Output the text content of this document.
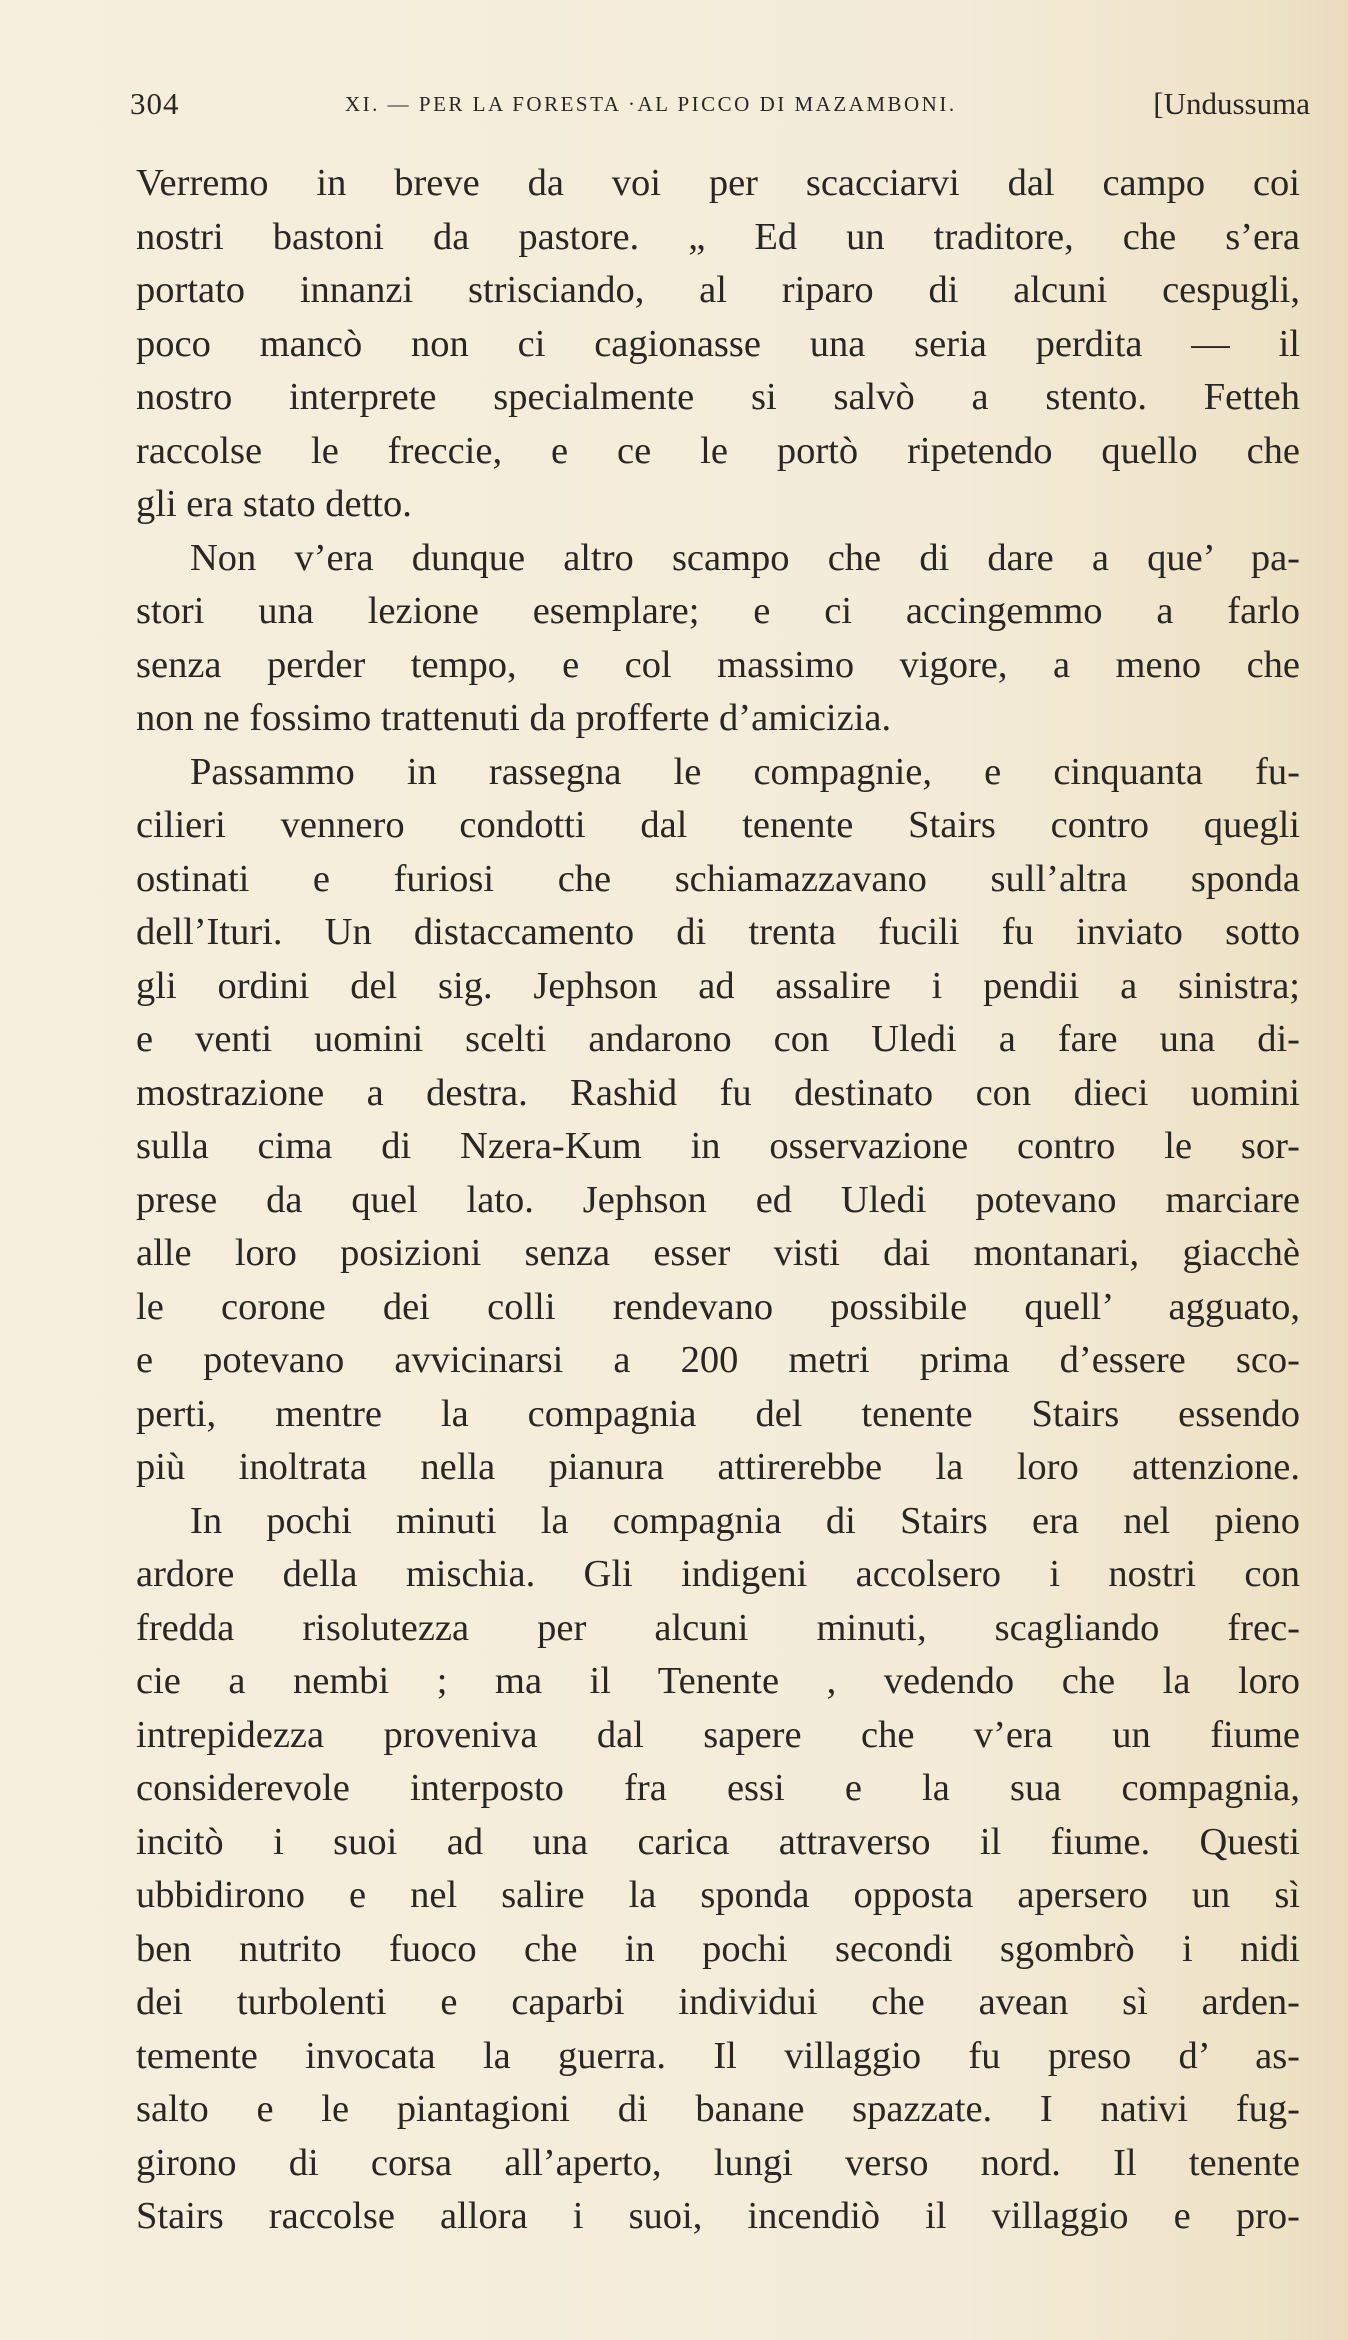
304	XI. — PER LA FORESTA ·AL PICCO DI MAZAMBONI.	[Undussuma
Verremo in breve da voi per scacciarvi dal campo coi
nostri bastoni da pastore. „ Ed un traditore, che s’era
portato innanzi strisciando, al riparo di alcuni cespugli,
poco mancò non ci cagionasse una seria perdita — il
nostro interprete specialmente si salvò a stento. Fetteh
raccolse le freccie, e ce le portò ripetendo quello che
gli era stato detto.
Non v’era dunque altro scampo che di dare a que’ pa-
stori una lezione esemplare; e ci accingemmo a farlo
senza perder tempo, e col massimo vigore, a meno che
non ne fossimo trattenuti da profferte d’amicizia.
Passammo in rassegna le compagnie, e cinquanta fu-
cilieri vennero condotti dal tenente Stairs contro quegli
ostinati e furiosi che schiamazzavano sull’altra sponda
dell’Ituri. Un distaccamento di trenta fucili fu inviato sotto
gli ordini del sig. Jephson ad assalire i pendii a sinistra;
e venti uomini scelti andarono con Uledi a fare una di-
mostrazione a destra. Rashid fu destinato con dieci uomini
sulla cima di Nzera-Kum in osservazione contro le sor-
prese da quel lato. Jephson ed Uledi potevano marciare
alle loro posizioni senza esser visti dai montanari, giacchè
le corone dei colli rendevano possibile quell’ agguato,
e potevano avvicinarsi a 200 metri prima d’essere sco-
perti, mentre la compagnia del tenente Stairs essendo
più inoltrata nella pianura attirerebbe la loro attenzione.
In pochi minuti la compagnia di Stairs era nel pieno
ardore della mischia. Gli indigeni accolsero i nostri con
fredda risolutezza per alcuni minuti, scagliando frec-
cie a nembi ; ma il Tenente , vedendo che la loro
intrepidezza proveniva dal sapere che v’era un fiume
considerevole interposto fra essi e la sua compagnia,
incitò i suoi ad una carica attraverso il fiume. Questi
ubbidirono e nel salire la sponda opposta apersero un sì
ben nutrito fuoco che in pochi secondi sgombrò i nidi
dei turbolenti e caparbi individui che avean sì arden-
temente invocata la guerra. Il villaggio fu preso d’ as-
salto e le piantagioni di banane spazzate. I nativi fug-
girono di corsa all’aperto, lungi verso nord. Il tenente
Stairs raccolse allora i suoi, incendiò il villaggio e pro-
